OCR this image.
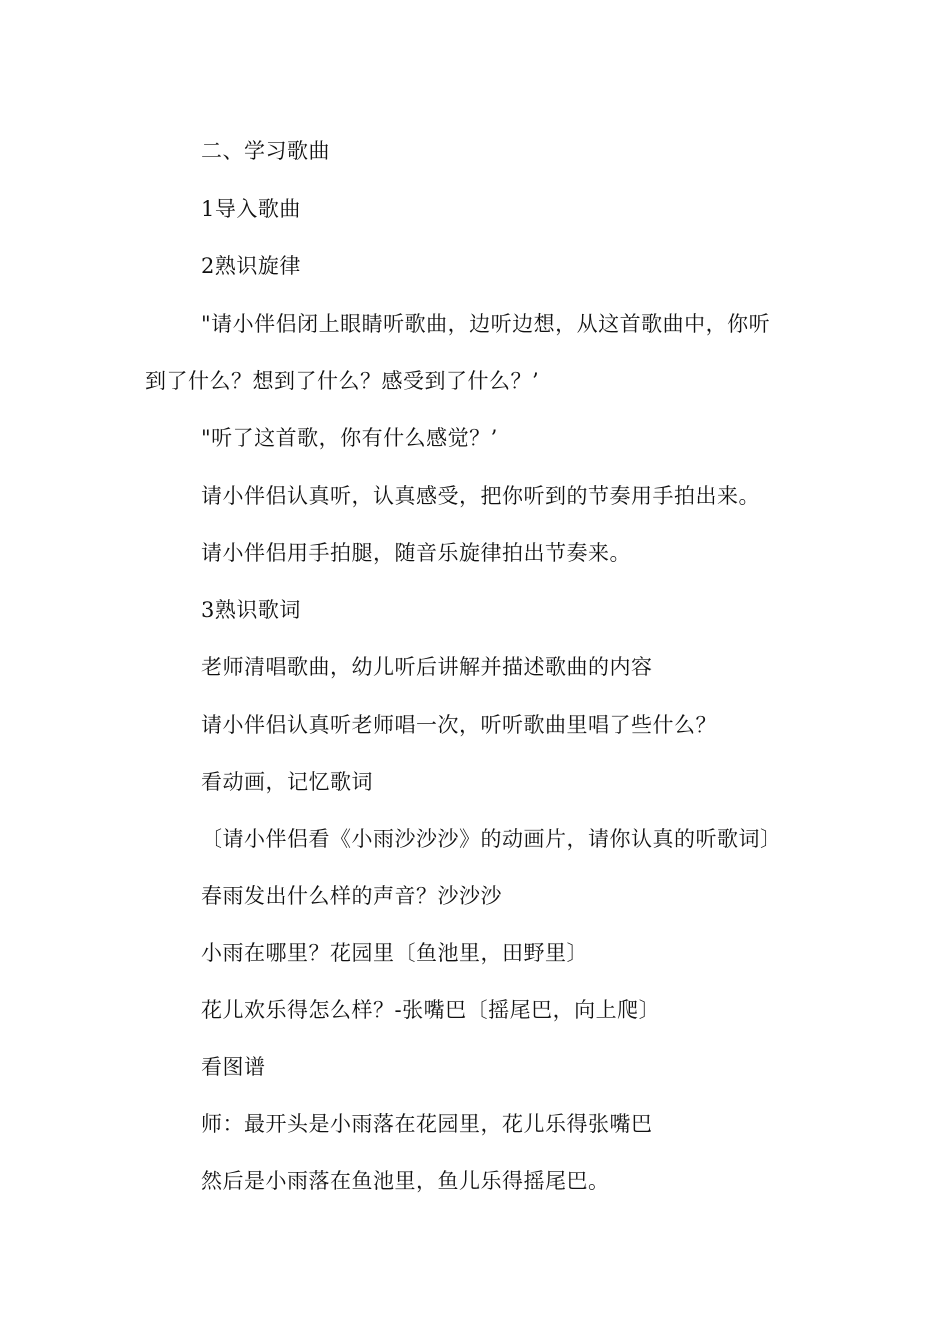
二、学习歌曲
1导入歌曲
2熟识旋律
"请小伴侣闭上眼睛听歌曲，边听边想，从这首歌曲中，你听
到了什么？想到了什么？感受到了什么？’
"听了这首歌，你有什么感觉？’
请小伴侣认真听，认真感受，把你听到的节奏用手拍出来。
请小伴侣用手拍腿，随音乐旋律拍出节奏来。
3熟识歌词
老师清唱歌曲，幼儿听后讲解并描述歌曲的内容
请小伴侣认真听老师唱一次，听听歌曲里唱了些什么？
看动画，记忆歌词
〔请小伴侣看《小雨沙沙沙》的动画片，请你认真的听歌词〕
春雨发出什么样的声音？沙沙沙
小雨在哪里？花园里〔鱼池里，田野里〕
花儿欢乐得怎么样？-张嘴巴〔摇尾巴，向上爬〕
看图谱
师：最开头是小雨落在花园里，花儿乐得张嘴巴
然后是小雨落在鱼池里，鱼儿乐得摇尾巴。
